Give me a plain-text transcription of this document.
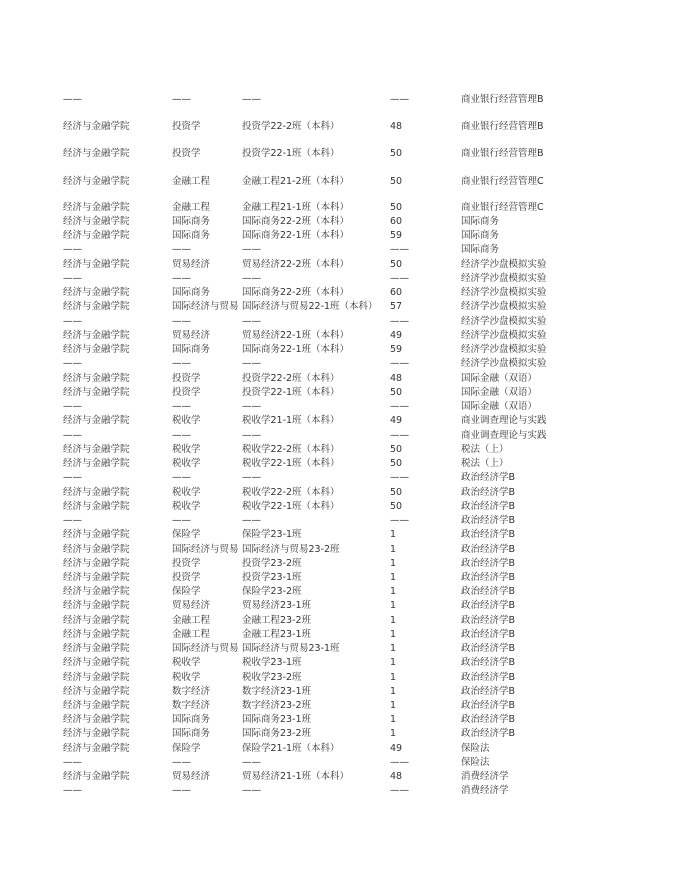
——	——	——	——	商业银行经营管理B
经济与金融学院	投资学	投资学22-2班（本科）	48	商业银行经营管理B
经济与金融学院	投资学	投资学22-1班（本科）	50	商业银行经营管理B
经济与金融学院	金融工程	金融工程21-2班（本科）	50	商业银行经营管理C
经济与金融学院	金融工程	金融工程21-1班（本科）	50	商业银行经营管理C
经济与金融学院	国际商务	国际商务22-2班（本科）	60	国际商务
经济与金融学院	国际商务	国际商务22-1班（本科）	59	国际商务
——	——	——	——	国际商务
经济与金融学院	贸易经济	贸易经济22-2班（本科）	50	经济学沙盘模拟实验
——	——	——	——	经济学沙盘模拟实验
经济与金融学院	国际商务	国际商务22-2班（本科）	60	经济学沙盘模拟实验
经济与金融学院	国际经济与贸易 国际经济与贸易22-1班（本科）	57	经济学沙盘模拟实验
——	——	——	——	经济学沙盘模拟实验
经济与金融学院	贸易经济	贸易经济22-1班（本科）	49	经济学沙盘模拟实验
经济与金融学院	国际商务	国际商务22-1班（本科）	59	经济学沙盘模拟实验
——	——	——	——	经济学沙盘模拟实验
经济与金融学院	投资学	投资学22-2班（本科）	48	国际金融（双语）
经济与金融学院	投资学	投资学22-1班（本科）	50	国际金融（双语）
——	——	——	——	国际金融（双语）
经济与金融学院	税收学	税收学21-1班（本科）	49	商业调查理论与实践
——	——	——	——	商业调查理论与实践
经济与金融学院	税收学	税收学22-2班（本科）	50	税法（上）
经济与金融学院	税收学	税收学22-1班（本科）	50	税法（上）
——	——	——	——	政治经济学B
经济与金融学院	税收学	税收学22-2班（本科）	50	政治经济学B
经济与金融学院	税收学	税收学22-1班（本科）	50	政治经济学B
——	——	——	——	政治经济学B
经济与金融学院	保险学	保险学23-1班	1	政治经济学B
经济与金融学院	国际经济与贸易 国际经济与贸易23-2班	1	政治经济学B
经济与金融学院	投资学	投资学23-2班	1	政治经济学B
经济与金融学院	投资学	投资学23-1班	1	政治经济学B
经济与金融学院	保险学	保险学23-2班	1	政治经济学B
经济与金融学院	贸易经济	贸易经济23-1班	1	政治经济学B
经济与金融学院	金融工程	金融工程23-2班	1	政治经济学B
经济与金融学院	金融工程	金融工程23-1班	1	政治经济学B
经济与金融学院	国际经济与贸易 国际经济与贸易23-1班	1	政治经济学B
经济与金融学院	税收学	税收学23-1班	1	政治经济学B
经济与金融学院	税收学	税收学23-2班	1	政治经济学B
经济与金融学院	数字经济	数字经济23-1班	1	政治经济学B
经济与金融学院	数字经济	数字经济23-2班	1	政治经济学B
经济与金融学院	国际商务	国际商务23-1班	1	政治经济学B
经济与金融学院	国际商务	国际商务23-2班	1	政治经济学B
经济与金融学院	保险学	保险学21-1班（本科）	49	保险法
——	——	——	——	保险法
经济与金融学院	贸易经济	贸易经济21-1班（本科）	48	消费经济学
——	——	——	——	消费经济学
